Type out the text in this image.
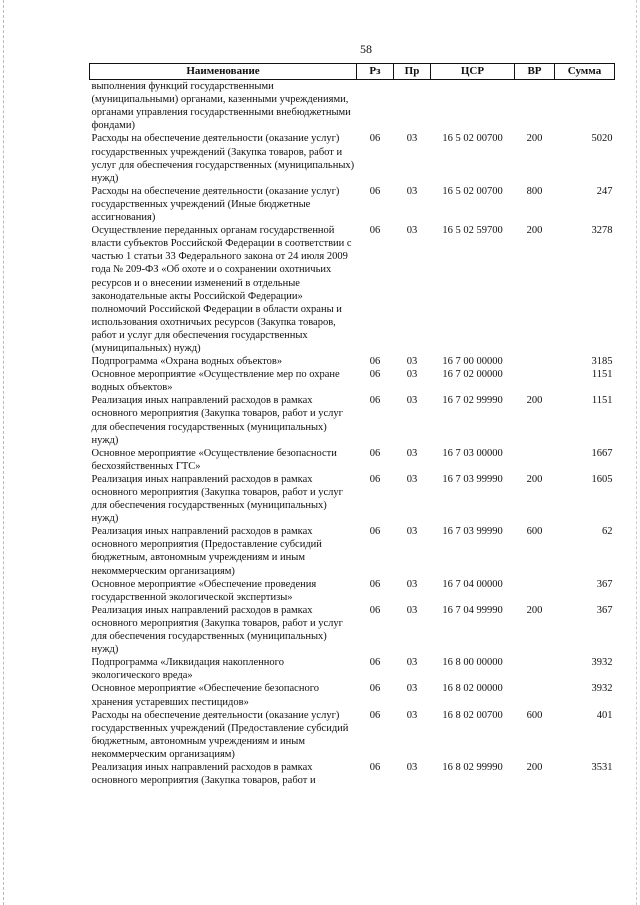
58
Наименование	Рз	Пр	ЦСР	ВР	Сумма
выполнения функций государственными (муниципальными) органами, казенными учреждениями, органами управления государственными внебюджетными фондами)					
Расходы на обеспечение деятельности (оказание услуг) государственных учреждений (Закупка товаров, работ и услуг для обеспечения государственных (муниципальных) нужд)	06	03	16 5 02 00700	200	5020
Расходы на обеспечение деятельности (оказание услуг) государственных учреждений (Иные бюджетные ассигнования)	06	03	16 5 02 00700	800	247
Осуществление переданных органам государственной власти субъектов Российской Федерации в соответствии с частью 1 статьи 33 Федерального закона от 24 июля 2009 года № 209-ФЗ «Об охоте и о сохранении охотничьих ресурсов и о внесении изменений в отдельные законодательные акты Российской Федерации» полномочий Российской Федерации в области охраны и использования охотничьих ресурсов (Закупка товаров, работ и услуг для обеспечения государственных (муниципальных) нужд)	06	03	16 5 02 59700	200	3278
Подпрограмма «Охрана водных объектов»	06	03	16 7 00 00000		3185
Основное мероприятие «Осуществление мер по охране водных объектов»	06	03	16 7 02 00000		1151
Реализация иных направлений расходов в рамках основного мероприятия (Закупка товаров, работ и услуг для обеспечения государственных (муниципальных) нужд)	06	03	16 7 02 99990	200	1151
Основное мероприятие «Осуществление безопасности бесхозяйственных ГТС»	06	03	16 7 03 00000		1667
Реализация иных направлений расходов в рамках основного мероприятия (Закупка товаров, работ и услуг для обеспечения государственных (муниципальных) нужд)	06	03	16 7 03 99990	200	1605
Реализация иных направлений расходов в рамках основного мероприятия (Предоставление субсидий бюджетным, автономным учреждениям и иным некоммерческим организациям)	06	03	16 7 03 99990	600	62
Основное мероприятие «Обеспечение проведения государственной экологической экспертизы»	06	03	16 7 04 00000		367
Реализация иных направлений расходов в рамках основного мероприятия (Закупка товаров, работ и услуг для обеспечения государственных (муниципальных) нужд)	06	03	16 7 04 99990	200	367
Подпрограмма «Ликвидация накопленного экологического вреда»	06	03	16 8 00 00000		3932
Основное мероприятие «Обеспечение безопасного хранения устаревших пестицидов»	06	03	16 8 02 00000		3932
Расходы на обеспечение деятельности (оказание услуг) государственных учреждений (Предоставление субсидий бюджетным, автономным учреждениям и иным некоммерческим организациям)	06	03	16 8 02 00700	600	401
Реализация иных направлений расходов в рамках основного мероприятия (Закупка товаров, работ и	06	03	16 8 02 99990	200	3531
